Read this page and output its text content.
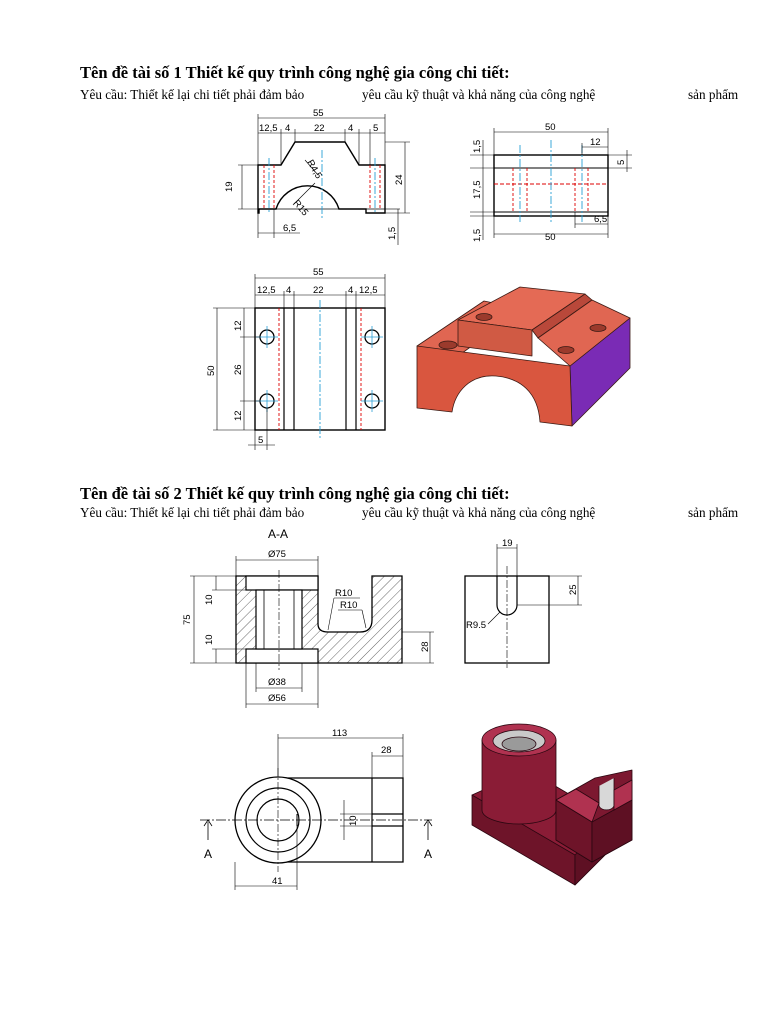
Tên đề tài số 1 Thiết kế quy trình công nghệ gia công chi tiết:
Yêu cầu: Thiết kế lại chi tiết phải đảm bảo	yêu cầu kỹ thuật và khả năng của công nghệ	sản phẩm
Tên đề tài số 2 Thiết kế quy trình công nghệ gia công chi tiết:
Yêu cầu: Thiết kế lại chi tiết phải đảm bảo	yêu cầu kỹ thuật và khả năng của công nghệ	sản phẩm
55
12,5 4 22 4 5
19
24
R4,5
R15
6,5	1,5
50
12
5
1,5
17,5
1,5
6,5
50
55
12,5 4 22	4 12,5
50
12
26
12
5
A-A
Ø75
75
10
10
R10
R10
28
Ø38
Ø56
19
25
R9.5
113
28
10
41
A	A
